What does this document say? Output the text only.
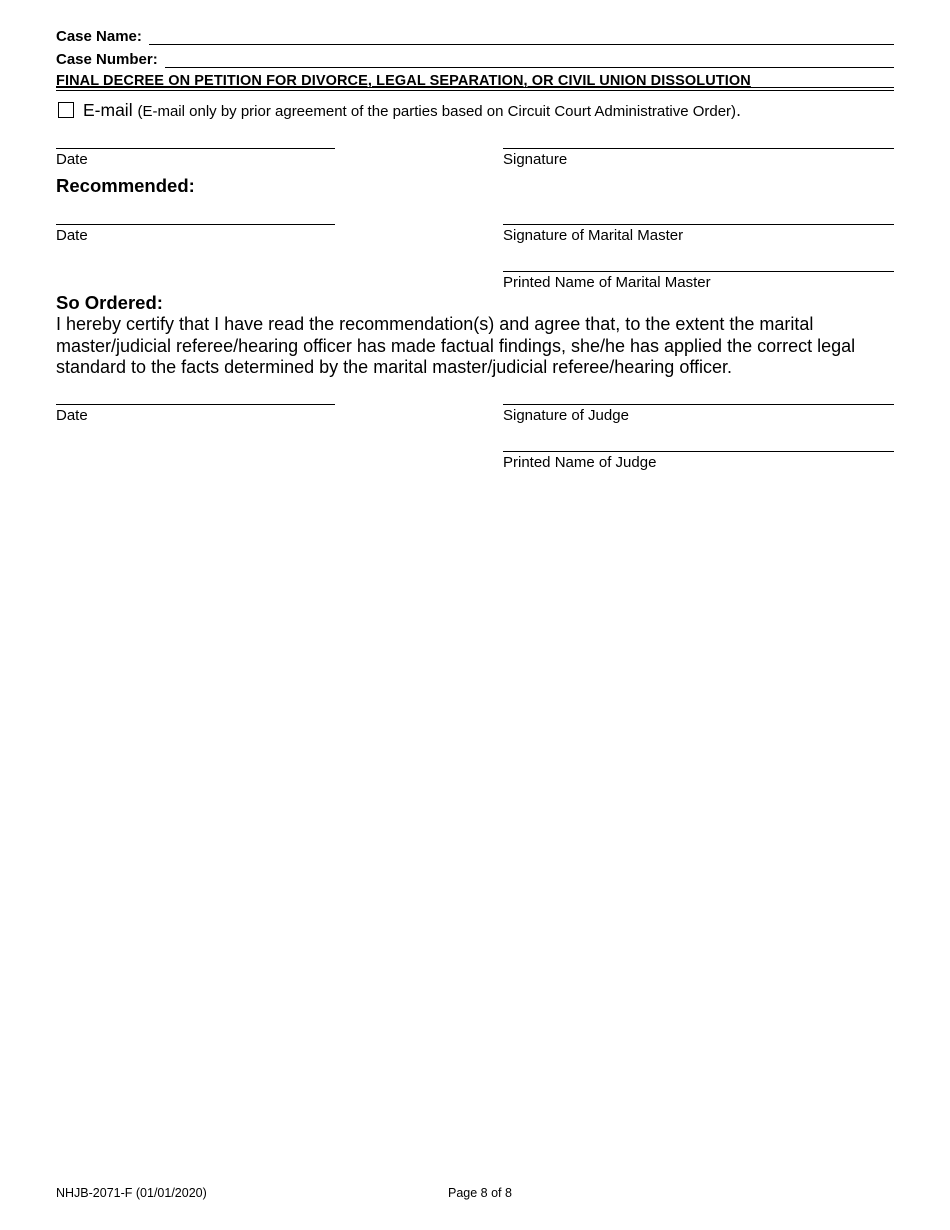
Case Name:
Case Number:
FINAL DECREE ON PETITION FOR DIVORCE, LEGAL SEPARATION, OR CIVIL UNION DISSOLUTION
E-mail (E-mail only by prior agreement of the parties based on Circuit Court Administrative Order).
Date	Signature
Recommended:
Date	Signature of Marital Master
Printed Name of Marital Master
So Ordered:
I hereby certify that I have read the recommendation(s) and agree that, to the extent the marital master/judicial referee/hearing officer has made factual findings, she/he has applied the correct legal standard to the facts determined by the marital master/judicial referee/hearing officer.
Date	Signature of Judge
Printed Name of Judge
NHJB-2071-F (01/01/2020)	Page 8 of 8
